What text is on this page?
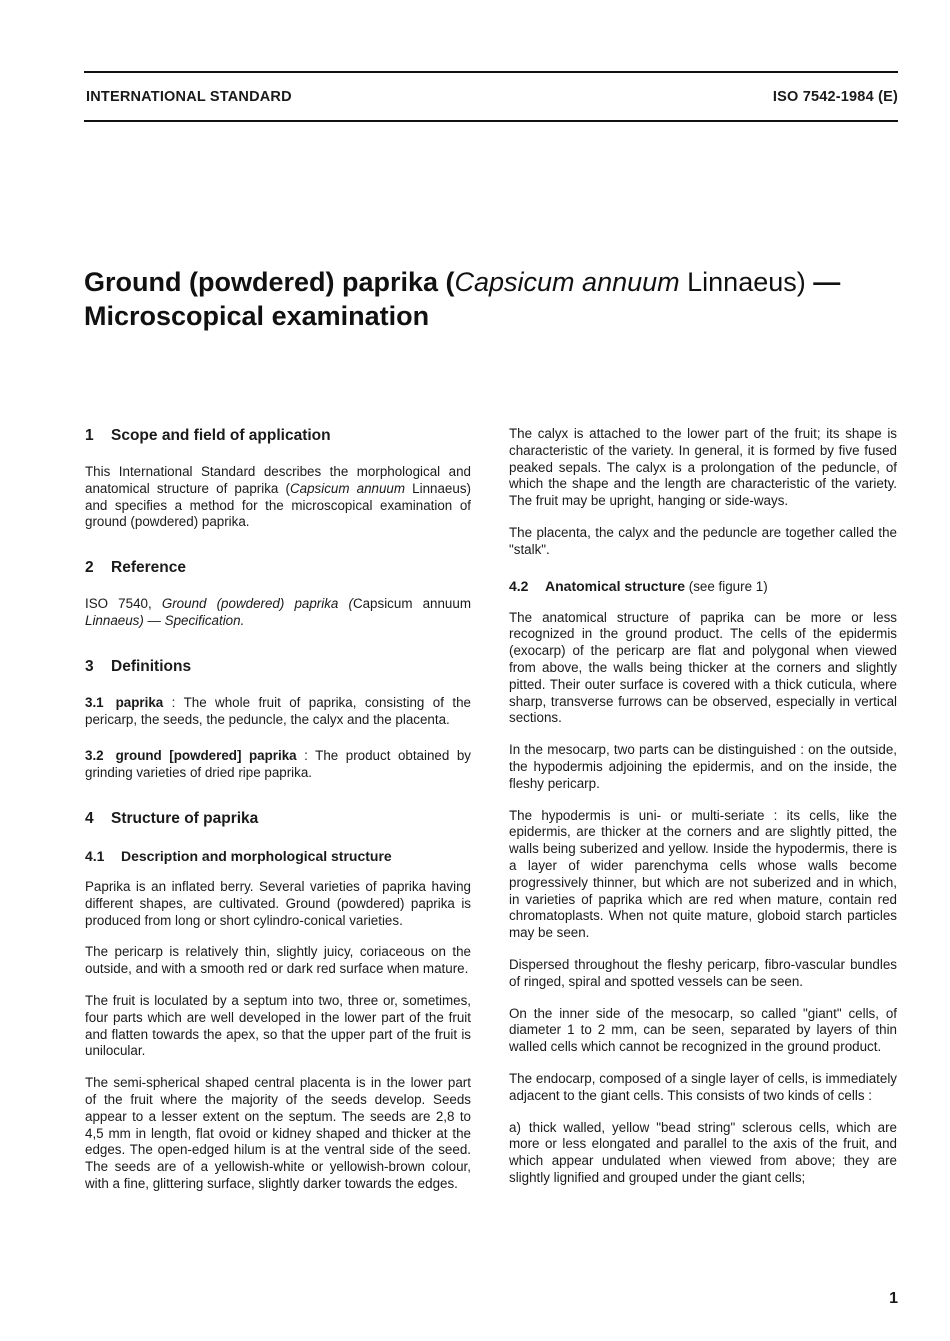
INTERNATIONAL STANDARD	ISO 7542-1984 (E)
Ground (powdered) paprika (Capsicum annuum Linnaeus) —
Microscopical examination
1 Scope and field of application

This International Standard describes the morphological and anatomical structure of paprika (Capsicum annuum Linnaeus) and specifies a method for the microscopical examination of ground (powdered) paprika.

2 Reference

ISO 7540, Ground (powdered) paprika (Capsicum annuum Linnaeus) — Specification.

3 Definitions

3.1 paprika : The whole fruit of paprika, consisting of the pericarp, the seeds, the peduncle, the calyx and the placenta.

3.2 ground [powdered] paprika : The product obtained by grinding varieties of dried ripe paprika.

4 Structure of paprika
4.1 Description and morphological structure

Paprika is an inflated berry. Several varieties of paprika having different shapes, are cultivated. Ground (powdered) paprika is produced from long or short cylindro-conical varieties.

The pericarp is relatively thin, slightly juicy, coriaceous on the outside, and with a smooth red or dark red surface when mature.

The fruit is loculated by a septum into two, three or, sometimes, four parts which are well developed in the lower part of the fruit and flatten towards the apex, so that the upper part of the fruit is unilocular.

The semi-spherical shaped central placenta is in the lower part of the fruit where the majority of the seeds develop. Seeds appear to a lesser extent on the septum. The seeds are 2,8 to 4,5 mm in length, flat ovoid or kidney shaped and thicker at the edges. The open-edged hilum is at the ventral side of the seed. The seeds are of a yellowish-white or yellowish-brown colour, with a fine, glittering surface, slightly darker towards the edges.

The calyx is attached to the lower part of the fruit; its shape is characteristic of the variety. In general, it is formed by five fused peaked sepals. The calyx is a prolongation of the peduncle, of which the shape and the length are characteristic of the variety. The fruit may be upright, hanging or side-ways.

The placenta, the calyx and the peduncle are together called the "stalk".

4.2 Anatomical structure (see figure 1)

The anatomical structure of paprika can be more or less recognized in the ground product. The cells of the epidermis (exocarp) of the pericarp are flat and polygonal when viewed from above, the walls being thicker at the corners and slightly pitted. Their outer surface is covered with a thick cuticula, where sharp, transverse furrows can be observed, especially in vertical sections.

In the mesocarp, two parts can be distinguished : on the outside, the hypodermis adjoining the epidermis, and on the inside, the fleshy pericarp.

The hypodermis is uni- or multi-seriate : its cells, like the epidermis, are thicker at the corners and are slightly pitted, the walls being suberized and yellow. Inside the hypodermis, there is a layer of wider parenchyma cells whose walls become progressively thinner, but which are not suberized and in which, in varieties of paprika which are red when mature, contain red chromatoplasts. When not quite mature, globoid starch particles may be seen.

Dispersed throughout the fleshy pericarp, fibro-vascular bundles of ringed, spiral and spotted vessels can be seen.

On the inner side of the mesocarp, so called "giant" cells, of diameter 1 to 2 mm, can be seen, separated by layers of thin walled cells which cannot be recognized in the ground product.

The endocarp, composed of a single layer of cells, is immediately adjacent to the giant cells. This consists of two kinds of cells :

a) thick walled, yellow "bead string" sclerous cells, which are more or less elongated and parallel to the axis of the fruit, and which appear undulated when viewed from above; they are slightly lignified and grouped under the giant cells;

1
